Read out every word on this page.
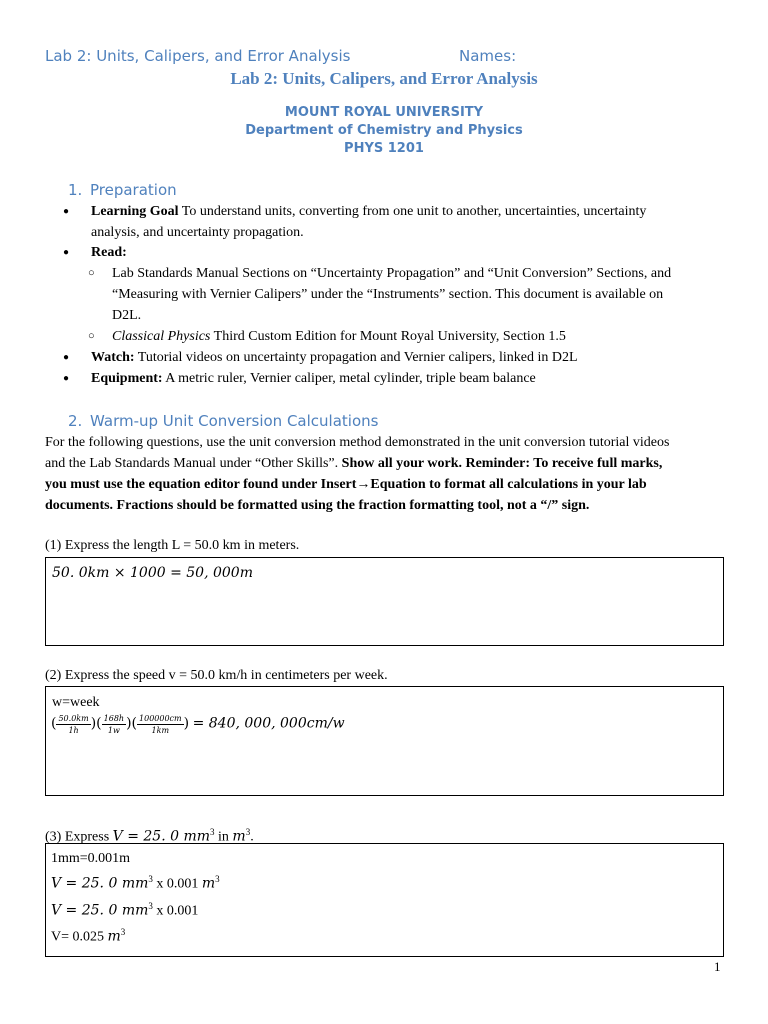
Lab 2: Units, Calipers, and Error Analysis	Names:
Lab 2: Units, Calipers, and Error Analysis
MOUNT ROYAL UNIVERSITY
Department of Chemistry and Physics
PHYS 1201
1. Preparation
● Learning Goal To understand units, converting from one unit to another, uncertainties, uncertainty
analysis, and uncertainty propagation.
● Read:
○	Lab Standards Manual Sections on “Uncertainty Propagation” and “Unit Conversion” Sections, and
“Measuring with Vernier Calipers” under the “Instruments” section. This document is available on
D2L.
○	Classical Physics Third Custom Edition for Mount Royal University, Section 1.5
● Watch: Tutorial videos on uncertainty propagation and Vernier calipers, linked in D2L
● Equipment: A metric ruler, Vernier caliper, metal cylinder, triple beam balance
2. Warm-up Unit Conversion Calculations
For the following questions, use the unit conversion method demonstrated in the unit conversion tutorial videos
and the Lab Standards Manual under “Other Skills”. Show all your work. Reminder: To receive full marks,
you must use the equation editor found under Insert→Equation to format all calculations in your lab
documents. Fractions should be formatted using the fraction formatting tool, not a “/” sign.
(1) Express the length L = 50.0 km in meters.
50. 0km × 1000 = 50, 000m
(2) Express the speed v = 50.0 km/h in centimeters per week.
w=week
( $\frac{50.0km}{1h}$ )( $\frac{168h}{1w}$ )( $\frac{100000cm}{1km}$ ) = 840, 000, 000cm/w
(3) Express V = 25. 0 $mm^3$ in $m^3$.
1mm=0.001m
V = 25. 0 $mm^3$ x 0.001 $m^3$
V = 25. 0 $mm^3$ x 0.001
V= 0.025 $m^3$
1
